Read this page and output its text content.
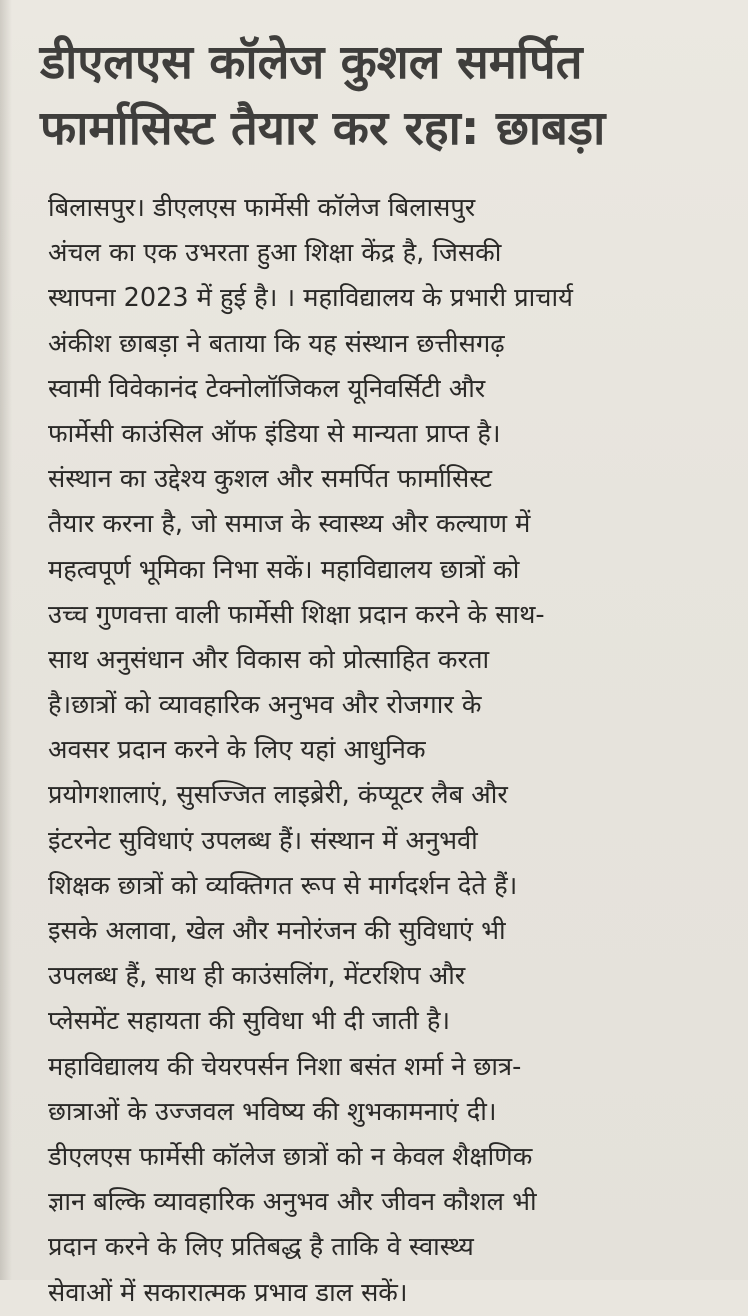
डीएलएस कॉलेज कुशल समर्पित
फार्मासिस्ट तैयार कर रहा: छाबड़ा
बिलासपुर। डीएलएस फार्मेसी कॉलेज बिलासपुर
अंचल का एक उभरता हुआ शिक्षा केंद्र है, जिसकी
स्थापना 2023 में हुई है। । महाविद्यालय के प्रभारी प्राचार्य
अंकीश छाबड़ा ने बताया कि यह संस्थान छत्तीसगढ़
स्वामी विवेकानंद टेक्नोलॉजिकल यूनिवर्सिटी और
फार्मेसी काउंसिल ऑफ इंडिया से मान्यता प्राप्त है।
संस्थान का उद्देश्य कुशल और समर्पित फार्मासिस्ट
तैयार करना है, जो समाज के स्वास्थ्य और कल्याण में
महत्वपूर्ण भूमिका निभा सकें। महाविद्यालय छात्रों को
उच्च गुणवत्ता वाली फार्मेसी शिक्षा प्रदान करने के साथ-
साथ अनुसंधान और विकास को प्रोत्साहित करता
है।छात्रों को व्यावहारिक अनुभव और रोजगार के
अवसर प्रदान करने के लिए यहां आधुनिक
प्रयोगशालाएं, सुसज्जित लाइब्रेरी, कंप्यूटर लैब और
इंटरनेट सुविधाएं उपलब्ध हैं। संस्थान में अनुभवी
शिक्षक छात्रों को व्यक्तिगत रूप से मार्गदर्शन देते हैं।
इसके अलावा, खेल और मनोरंजन की सुविधाएं भी
उपलब्ध हैं, साथ ही काउंसलिंग, मेंटरशिप और
प्लेसमेंट सहायता की सुविधा भी दी जाती है।
महाविद्यालय की चेयरपर्सन निशा बसंत शर्मा ने छात्र-
छात्राओं के उज्जवल भविष्य की शुभकामनाएं दी।
डीएलएस फार्मेसी कॉलेज छात्रों को न केवल शैक्षणिक
ज्ञान बल्कि व्यावहारिक अनुभव और जीवन कौशल भी
प्रदान करने के लिए प्रतिबद्ध है ताकि वे स्वास्थ्य
सेवाओं में सकारात्मक प्रभाव डाल सकें।
